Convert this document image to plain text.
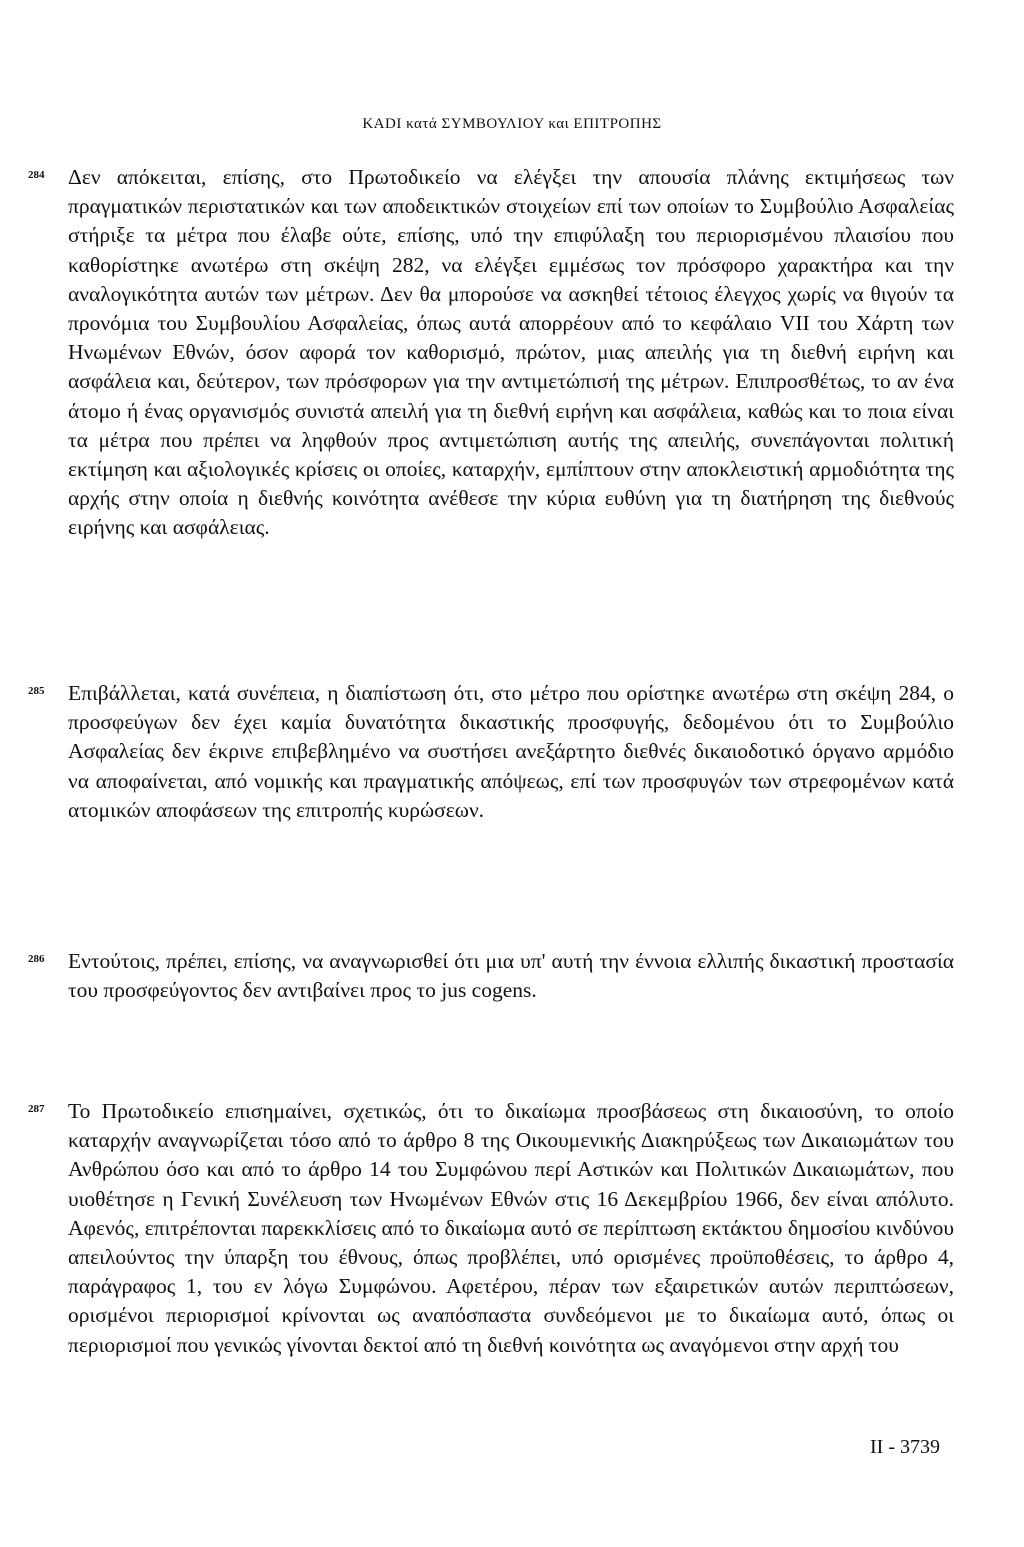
KADI κατά ΣΥΜΒΟΥΛΙΟΥ και ΕΠΙΤΡΟΠΗΣ
284 Δεν απόκειται, επίσης, στο Πρωτοδικείο να ελέγξει την απουσία πλάνης εκτιμήσεως των πραγματικών περιστατικών και των αποδεικτικών στοιχείων επί των οποίων το Συμβούλιο Ασφαλείας στήριξε τα μέτρα που έλαβε ούτε, επίσης, υπό την επιφύλαξη του περιορισμένου πλαισίου που καθορίστηκε ανωτέρω στη σκέψη 282, να ελέγξει εμμέσως τον πρόσφορο χαρακτήρα και την αναλογικότητα αυτών των μέτρων. Δεν θα μπορούσε να ασκηθεί τέτοιος έλεγχος χωρίς να θιγούν τα προνόμια του Συμβουλίου Ασφαλείας, όπως αυτά απορρέουν από το κεφάλαιο VII του Χάρτη των Ηνωμένων Εθνών, όσον αφορά τον καθορισμό, πρώτον, μιας απειλής για τη διεθνή ειρήνη και ασφάλεια και, δεύτερον, των πρόσφορων για την αντιμετώπισή της μέτρων. Επιπροσθέτως, το αν ένα άτομο ή ένας οργανισμός συνιστά απειλή για τη διεθνή ειρήνη και ασφάλεια, καθώς και το ποια είναι τα μέτρα που πρέπει να ληφθούν προς αντιμετώπιση αυτής της απειλής, συνεπάγονται πολιτική εκτίμηση και αξιολογικές κρίσεις οι οποίες, καταρχήν, εμπίπτουν στην αποκλειστική αρμοδιότητα της αρχής στην οποία η διεθνής κοινότητα ανέθεσε την κύρια ευθύνη για τη διατήρηση της διεθνούς ειρήνης και ασφάλειας.
285 Επιβάλλεται, κατά συνέπεια, η διαπίστωση ότι, στο μέτρο που ορίστηκε ανωτέρω στη σκέψη 284, ο προσφεύγων δεν έχει καμία δυνατότητα δικαστικής προσφυγής, δεδομένου ότι το Συμβούλιο Ασφαλείας δεν έκρινε επιβεβλημένο να συστήσει ανεξάρτητο διεθνές δικαιοδοτικό όργανο αρμόδιο να αποφαίνεται, από νομικής και πραγματικής απόψεως, επί των προσφυγών των στρεφομένων κατά ατομικών αποφάσεων της επιτροπής κυρώσεων.
286 Εντούτοις, πρέπει, επίσης, να αναγνωρισθεί ότι μια υπ' αυτή την έννοια ελλιπής δικαστική προστασία του προσφεύγοντος δεν αντιβαίνει προς το jus cogens.
287 Το Πρωτοδικείο επισημαίνει, σχετικώς, ότι το δικαίωμα προσβάσεως στη δικαιοσύνη, το οποίο καταρχήν αναγνωρίζεται τόσο από το άρθρο 8 της Οικουμενικής Διακηρύξεως των Δικαιωμάτων του Ανθρώπου όσο και από το άρθρο 14 του Συμφώνου περί Αστικών και Πολιτικών Δικαιωμάτων, που υιοθέτησε η Γενική Συνέλευση των Ηνωμένων Εθνών στις 16 Δεκεμβρίου 1966, δεν είναι απόλυτο. Αφενός, επιτρέπονται παρεκκλίσεις από το δικαίωμα αυτό σε περίπτωση εκτάκτου δημοσίου κινδύνου απειλούντος την ύπαρξη του έθνους, όπως προβλέπει, υπό ορισμένες προϋποθέσεις, το άρθρο 4, παράγραφος 1, του εν λόγω Συμφώνου. Αφετέρου, πέραν των εξαιρετικών αυτών περιπτώσεων, ορισμένοι περιορισμοί κρίνονται ως αναπόσπαστα συνδεόμενοι με το δικαίωμα αυτό, όπως οι περιορισμοί που γενικώς γίνονται δεκτοί από τη διεθνή κοινότητα ως αναγόμενοι στην αρχή του
II - 3739
